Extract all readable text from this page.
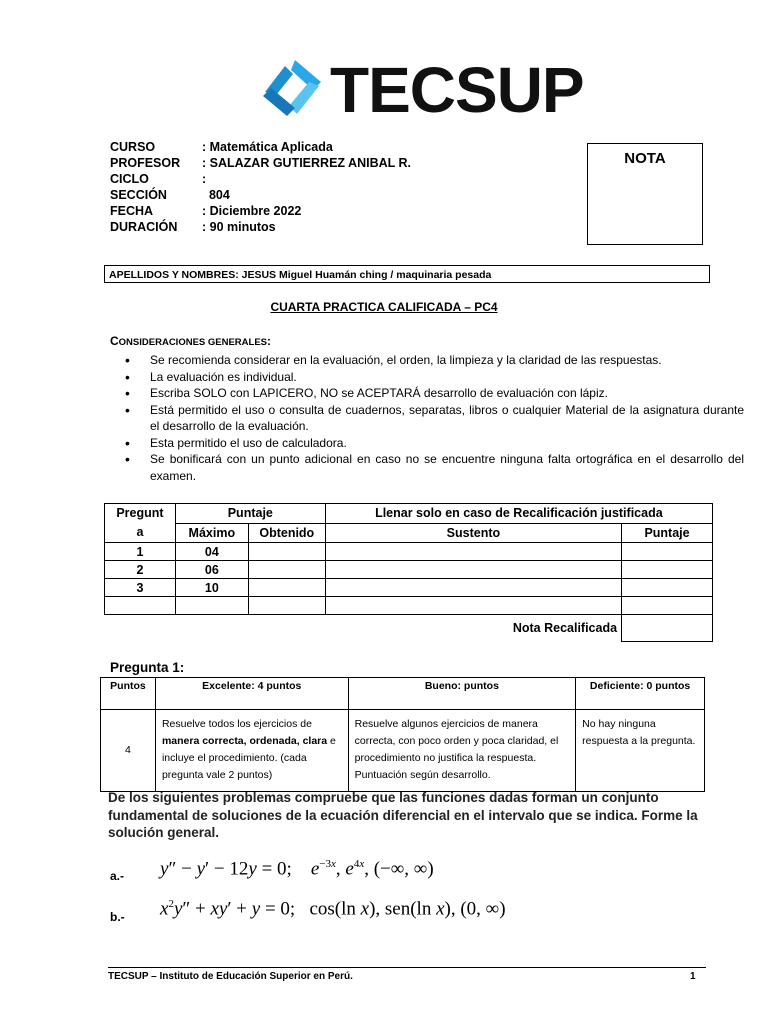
TECSUP
CURSO	: Matemática Aplicada
PROFESOR : SALAZAR GUTIERREZ ANIBAL R.
CICLO	:
SECCIÓN	804
FECHA	: Diciembre 2022
DURACIÓN : 90 minutos
NOTA
APELLIDOS Y NOMBRES: JESUS Miguel Huamán ching / maquinaria pesada
CUARTA PRACTICA CALIFICADA – PC4
CONSIDERACIONES GENERALES:
• Se recomienda considerar en la evaluación, el orden, la limpieza y la claridad de las respuestas.
• La evaluación es individual.
• Escriba SOLO con LAPICERO, NO se ACEPTARÁ desarrollo de evaluación con lápiz.
• Está permitido el uso o consulta de cuadernos, separatas, libros o cualquier Material de la asignatura durante el desarrollo de la evaluación.
• Esta permitido el uso de calculadora.
• Se bonificará con un punto adicional en caso no se encuentre ninguna falta ortográfica en el desarrollo del examen.
Pregunta	Puntaje		Llenar solo en caso de Recalificación justificada	
	Máximo	Obtenido	Sustento	Puntaje
1	04			
2	06			
3	10			

Nota Recalificada				
Pregunta 1:
Puntos	Excelente: 4 puntos	Bueno: puntos	Deficiente: 0 puntos
4	Resuelve todos los ejercicios de manera correcta, ordenada, clara e incluye el procedimiento. (cada pregunta vale 2 puntos)	Resuelve algunos ejercicios de manera correcta, con poco orden y poca claridad, el procedimiento no justifica la respuesta. Puntuación según desarrollo.	No hay ninguna respuesta a la pregunta.
De los siguientes problemas compruebe que las funciones dadas forman un conjunto fundamental de soluciones de la ecuación diferencial en el intervalo que se indica. Forme la solución general.
a.- y″ − y′ − 12y = 0;    $e^{-3x}$, $e^{4x}$, (−∞, ∞)
b.- $x^2y'' + xy' + y = 0$;   cos(ln x), sen(ln x), (0, ∞)
TECSUP – Instituto de Educación Superior en Perú.	1
